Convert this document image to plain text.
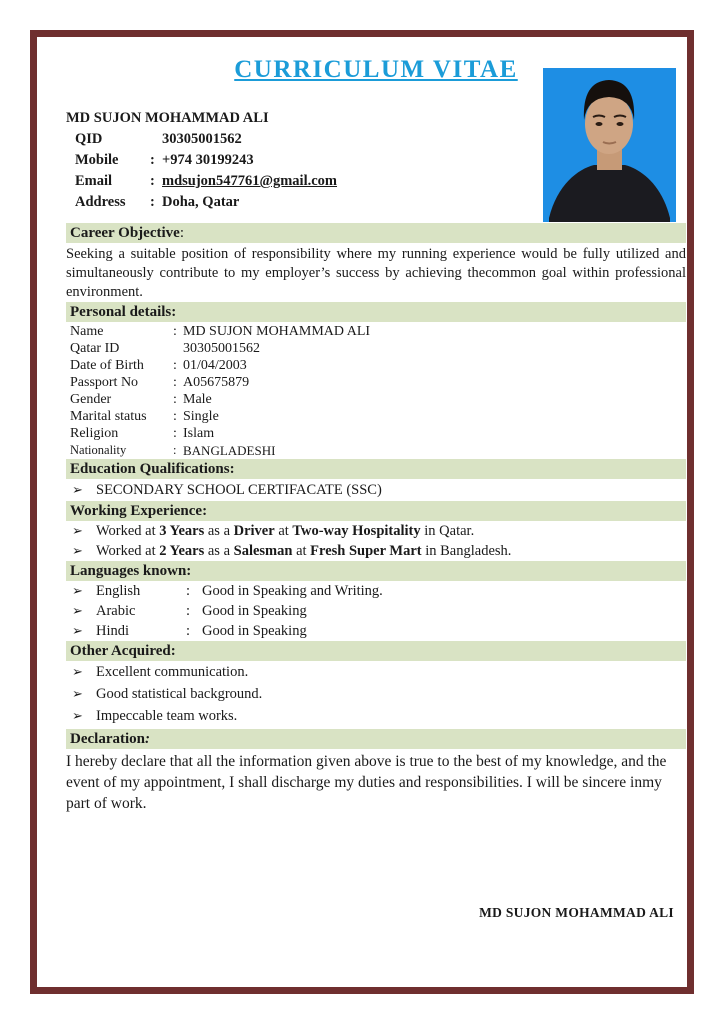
CURRICULUM VITAE
MD SUJON MOHAMMAD ALI
QID	30305001562
Mobile	: +974 30199243
Email	: mdsujon547761@gmail.com
Address	: Doha, Qatar
Career Objective:

Seeking a suitable position of responsibility where my running experience would be fully utilized and simultaneously contribute to my employer’s success by achieving thecommon goal within professional environment.

Personal details:
Name	: MD SUJON MOHAMMAD ALI
Qatar ID	30305001562
Date of Birth	: 01/04/2003
Passport No	: A05675879
Gender	: Male
Marital status	: Single
Religion	: Islam
Nationality	: BANGLADESHI
Education Qualifications:
➢ SECONDARY SCHOOL CERTIFACATE (SSC)
Working Experience:
➢ Worked at 3 Years as a Driver at Two-way Hospitality in Qatar.
➢ Worked at 2 Years as a Salesman at Fresh Super Mart in Bangladesh.
Languages known:
➢ English	: Good in Speaking and Writing.
➢ Arabic	: Good in Speaking
➢ Hindi	: Good in Speaking
Other Acquired:
➢ Excellent communication.
➢ Good statistical background.
➢ Impeccable team works.
Declaration:

I hereby declare that all the information given above is true to the best of my knowledge, and the event of my appointment, I shall discharge my duties and responsibilities. I will be sincere inmy part of work.

MD SUJON MOHAMMAD ALI
